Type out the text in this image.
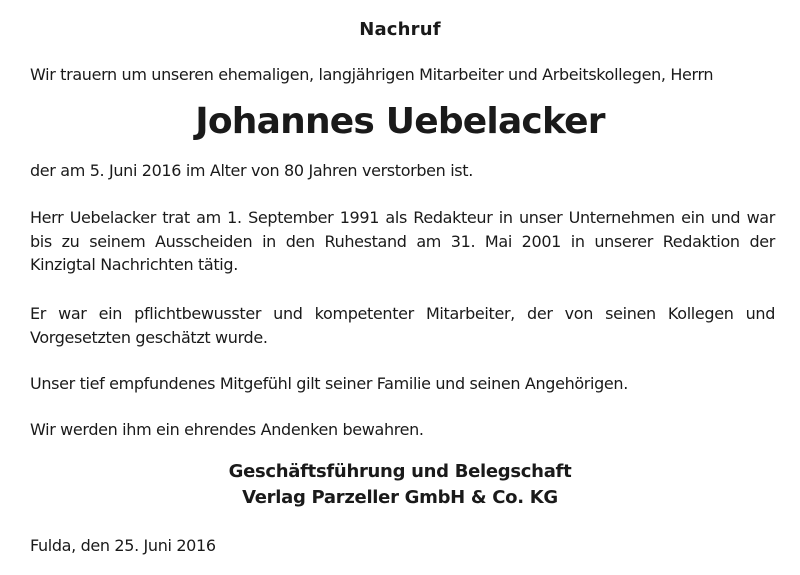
Nachruf
Wir trauern um unseren ehemaligen, langjährigen Mitarbeiter und Arbeitskollegen, Herrn
Johannes Uebelacker
der am 5. Juni 2016 im Alter von 80 Jahren verstorben ist.
Herr Uebelacker trat am 1. September 1991 als Redakteur in unser Unternehmen ein und war bis zu seinem Ausscheiden in den Ruhestand am 31. Mai 2001 in unserer Redaktion der Kinzigtal Nachrichten tätig.
Er war ein pflichtbewusster und kompetenter Mitarbeiter, der von seinen Kollegen und Vorgesetzten geschätzt wurde.
Unser tief empfundenes Mitgefühl gilt seiner Familie und seinen Angehörigen.
Wir werden ihm ein ehrendes Andenken bewahren.
Geschäftsführung und Belegschaft
Verlag Parzeller GmbH & Co. KG
Fulda, den 25. Juni 2016
